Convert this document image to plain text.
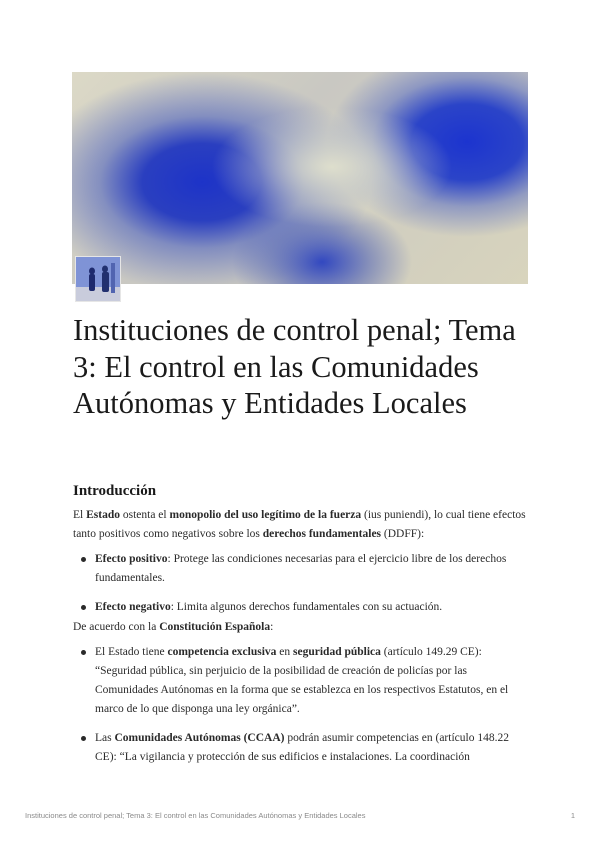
Instituciones de control penal; Tema 3: El control en las Comunidades Autónomas y Entidades Locales
Introducción

El Estado ostenta el monopolio del uso legítimo de la fuerza (ius puniendi), lo cual tiene efectos tanto positivos como negativos sobre los derechos fundamentales (DDFF):

Efecto positivo: Protege las condiciones necesarias para el ejercicio libre de los derechos fundamentales.
Efecto negativo: Limita algunos derechos fundamentales con su actuación.

De acuerdo con la Constitución Española:

El Estado tiene competencia exclusiva en seguridad pública (artículo 149.29 CE): “Seguridad pública, sin perjuicio de la posibilidad de creación de policías por las Comunidades Autónomas en la forma que se establezca en los respectivos Estatutos, en el marco de lo que disponga una ley orgánica”.
Las Comunidades Autónomas (CCAA) podrán asumir competencias en (artículo 148.22 CE): “La vigilancia y protección de sus edificios e instalaciones. La coordinación
Instituciones de control penal; Tema 3: El control en las Comunidades Autónomas y Entidades Locales	1
